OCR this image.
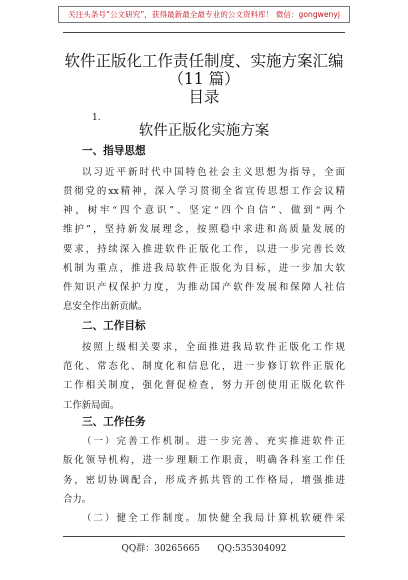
关注头条号“公文研究”，获得最新最全最专业的公文资料库！ 微信：gongwenyj
软件正版化工作责任制度、实施方案汇编
（11 篇）
目录
1.
软件正版化实施方案
一、指导思想
以习近平新时代中国特色社会主义思想为指导，全面
贯彻党的xx精神，深入学习贯彻全省宣传思想工作会议精
神，树牢“四个意识”、坚定“四个自信”、做到“两个
维护”，坚持新发展理念，按照稳中求进和高质量发展的
要求，持续深入推进软件正版化工作，以进一步完善长效
机制为重点，推进我局软件正版化为目标，进一步加大软
件知识产权保护力度，为推动国产软件发展和保障人社信
息安全作出新贡献。
二、工作目标
按照上级相关要求，全面推进我局软件正版化工作规
范化、常态化、制度化和信息化，进一步修订软件正版化
工作相关制度，强化督促检查，努力开创使用正版化软件
工作新局面。
三、工作任务
（一）完善工作机制。进一步完善、充实推进软件正
版化领导机构，进一步理顺工作职责，明确各科室工作任
务，密切协调配合，形成齐抓共管的工作格局，增强推进
合力。
（二）健全工作制度。加快健全我局计算机软硬件采
QQ群：30265665      QQ:535304092
